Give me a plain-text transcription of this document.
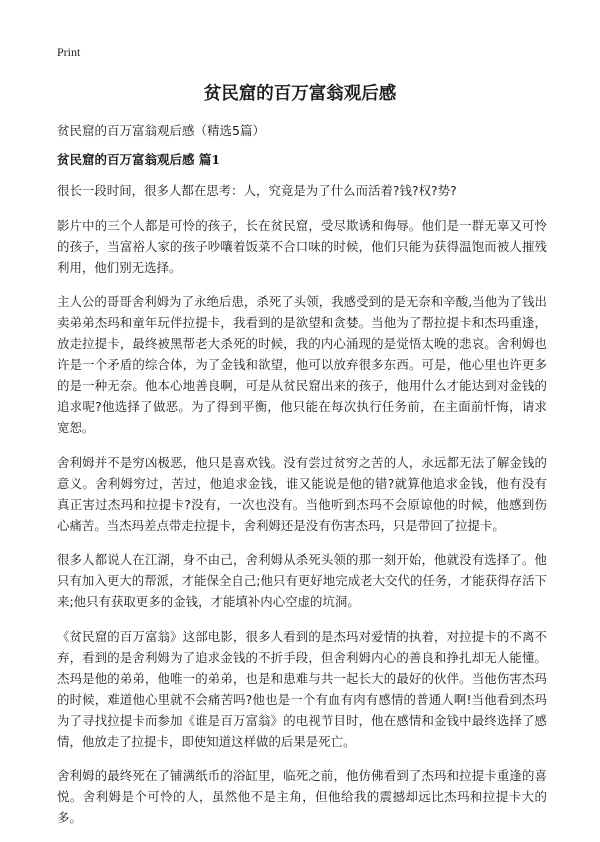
Print
贫民窟的百万富翁观后感

贫民窟的百万富翁观后感（精选5篇）

贫民窟的百万富翁观后感 篇1

很长一段时间，很多人都在思考：人，究竟是为了什么而活着?钱?权?势?

影片中的三个人都是可怜的孩子，长在贫民窟，受尽欺诱和侮辱。他们是一群无辜又可怜的孩子，当富裕人家的孩子吵嚷着饭菜不合口味的时候，他们只能为获得温饱而被人摧残利用，他们别无选择。

主人公的哥哥舍利姆为了永绝后患，杀死了头领，我感受到的是无奈和辛酸,当他为了钱出卖弟弟杰玛和童年玩伴拉提卡，我看到的是欲望和贪婪。当他为了帮拉提卡和杰玛重逢，放走拉提卡，最终被黑帮老大杀死的时候，我的内心涌现的是觉悟太晚的悲哀。舍利姆也许是一个矛盾的综合体，为了金钱和欲望，他可以放弃很多东西。可是，他心里也许更多的是一种无奈。他本心地善良啊，可是从贫民窟出来的孩子，他用什么才能达到对金钱的追求呢?他选择了做恶。为了得到平衡，他只能在每次执行任务前，在主面前忏悔，请求宽恕。

舍利姆并不是穷凶极恶，他只是喜欢钱。没有尝过贫穷之苦的人，永远都无法了解金钱的意义。舍利姆穷过，苦过，他追求金钱，谁又能说是他的错?就算他追求金钱，他有没有真正害过杰玛和拉提卡?没有，一次也没有。当他听到杰玛不会原谅他的时候，他感到伤心痛苦。当杰玛差点带走拉提卡，舍利姆还是没有伤害杰玛，只是带回了拉提卡。

很多人都说人在江湖，身不由己，舍利姆从杀死头领的那一刻开始，他就没有选择了。他只有加入更大的帮派，才能保全自己;他只有更好地完成老大交代的任务，才能获得存活下来;他只有获取更多的金钱，才能填补内心空虚的坑洞。

《贫民窟的百万富翁》这部电影，很多人看到的是杰玛对爱情的执着，对拉提卡的不离不弃，看到的是舍利姆为了追求金钱的不折手段，但舍利姆内心的善良和挣扎却无人能懂。杰玛是他的弟弟，他唯一的弟弟，也是和患难与共一起长大的最好的伙伴。当他伤害杰玛的时候，难道他心里就不会痛苦吗?他也是一个有血有肉有感情的普通人啊!当他看到杰玛为了寻找拉提卡而参加《谁是百万富翁》的电视节目时，他在感情和金钱中最终选择了感情，他放走了拉提卡，即使知道这样做的后果是死亡。

舍利姆的最终死在了铺满纸币的浴缸里，临死之前，他仿佛看到了杰玛和拉提卡重逢的喜悦。舍利姆是个可怜的人，虽然他不是主角，但他给我的震撼却远比杰玛和拉提卡大的多。
